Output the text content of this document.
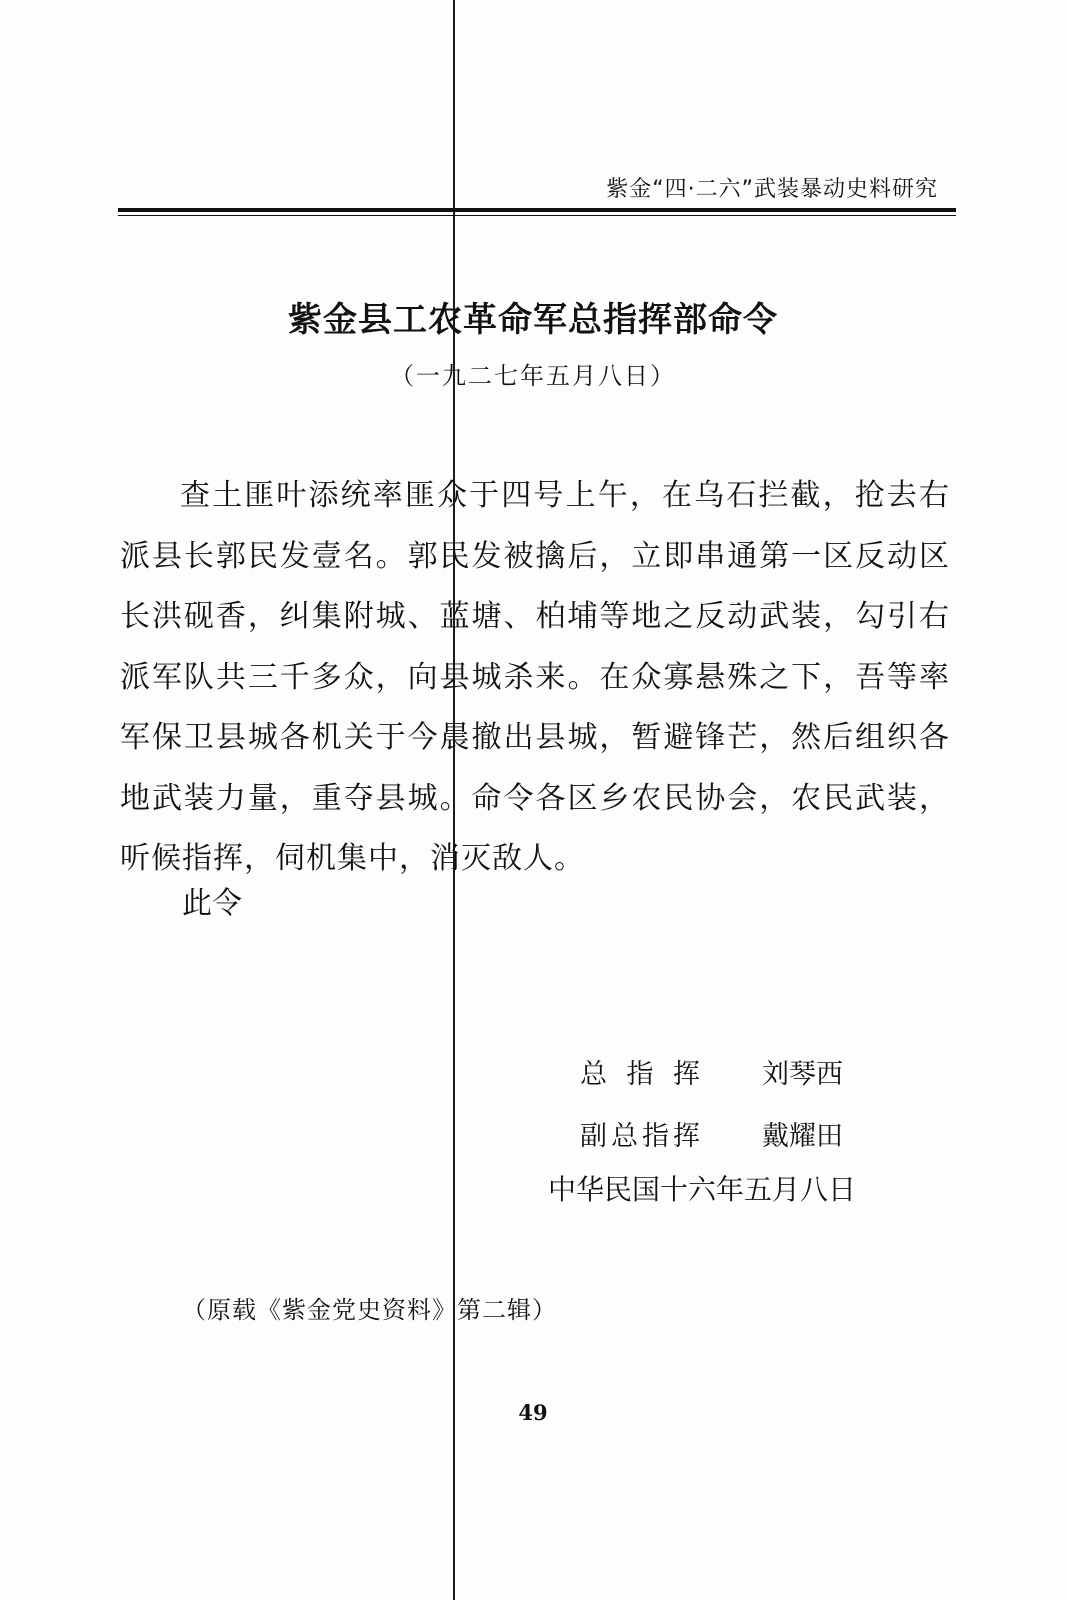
紫金“四·二六”武装暴动史料研究
紫金县工农革命军总指挥部命令
（一九二七年五月八日）

查土匪叶添统率匪众于四号上午，在乌石拦截，抢去右派县长郭民发壹名。郭民发被擒后，立即串通第一区反动区长洪砚香，纠集附城、蓝塘、柏埔等地之反动武装，勾引右派军队共三千多众，向县城杀来。在众寡悬殊之下，吾等率军保卫县城各机关于今晨撤出县城，暂避锋芒，然后组织各地武装力量，重夺县城。命令各区乡农民协会，农民武装，听候指挥，伺机集中，消灭敌人。

此令
总指挥 刘琴西
副总指挥 戴耀田
中华民国十六年五月八日
（原载《紫金党史资料》第二辑）
49
